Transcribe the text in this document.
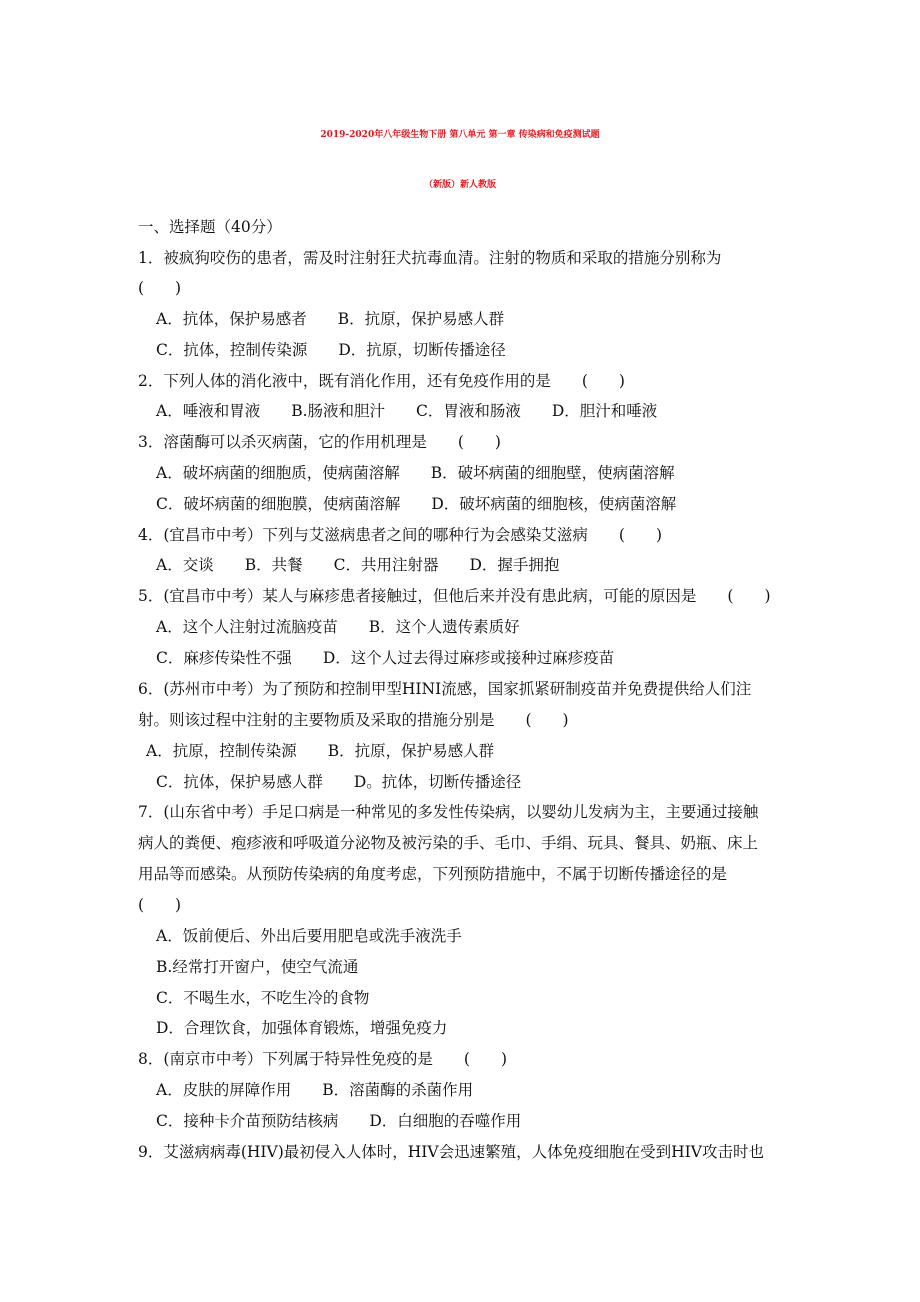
2019-2020年八年级生物下册 第八单元 第一章 传染病和免疫测试题
（新版）新人教版
一、选择题（40分）
1．被疯狗咬伤的患者，需及时注射狂犬抗毒血清。注射的物质和采取的措施分别称为
(　　)
A．抗体，保护易感者　　B．抗原，保护易感人群
C．抗体，控制传染源　　D．抗原，切断传播途径
2．下列人体的消化液中，既有消化作用，还有免疫作用的是　　(　　)
A．唾液和胃液　　B.肠液和胆汁　　C．胃液和肠液　　D．胆汁和唾液
3．溶菌酶可以杀灭病菌，它的作用机理是　　(　　)
A．破坏病菌的细胞质，使病菌溶解　　B．破坏病菌的细胞壁，使病菌溶解
C．破坏病菌的细胞膜，使病菌溶解　　D．破坏病菌的细胞核，使病菌溶解
4．(宜昌市中考）下列与艾滋病患者之间的哪种行为会感染艾滋病　　(　　)
A．交谈　　B．共餐　　C．共用注射器　　D．握手拥抱
5．(宜昌市中考）某人与麻疹患者接触过，但他后来并没有患此病，可能的原因是　　(　　)
A．这个人注射过流脑疫苗　　B．这个人遗传素质好
C．麻疹传染性不强　　D．这个人过去得过麻疹或接种过麻疹疫苗
6．(苏州市中考）为了预防和控制甲型HINI流感，国家抓紧研制疫苗并免费提供给人们注
射。则该过程中注射的主要物质及采取的措施分别是　　(　　)
A．抗原，控制传染源　　B．抗原，保护易感人群
C．抗体，保护易感人群　　D。抗体，切断传播途径
7．(山东省中考）手足口病是一种常见的多发性传染病，以婴幼儿发病为主，主要通过接触
病人的粪便、疱疹液和呼吸道分泌物及被污染的手、毛巾、手绢、玩具、餐具、奶瓶、床上
用品等而感染。从预防传染病的角度考虑，下列预防措施中，不属于切断传播途径的是
(　　)
A．饭前便后、外出后要用肥皂或洗手液洗手
B.经常打开窗户，使空气流通
C．不喝生水，不吃生冷的食物
D．合理饮食，加强体育锻炼，增强免疫力
8．(南京市中考）下列属于特异性免疫的是　　(　　)
A．皮肤的屏障作用　　B．溶菌酶的杀菌作用
C．接种卡介苗预防结核病　　D．白细胞的吞噬作用
9．艾滋病病毒(HIV)最初侵入人体时，HIV会迅速繁殖，人体免疫细胞在受到HIV攻击时也
